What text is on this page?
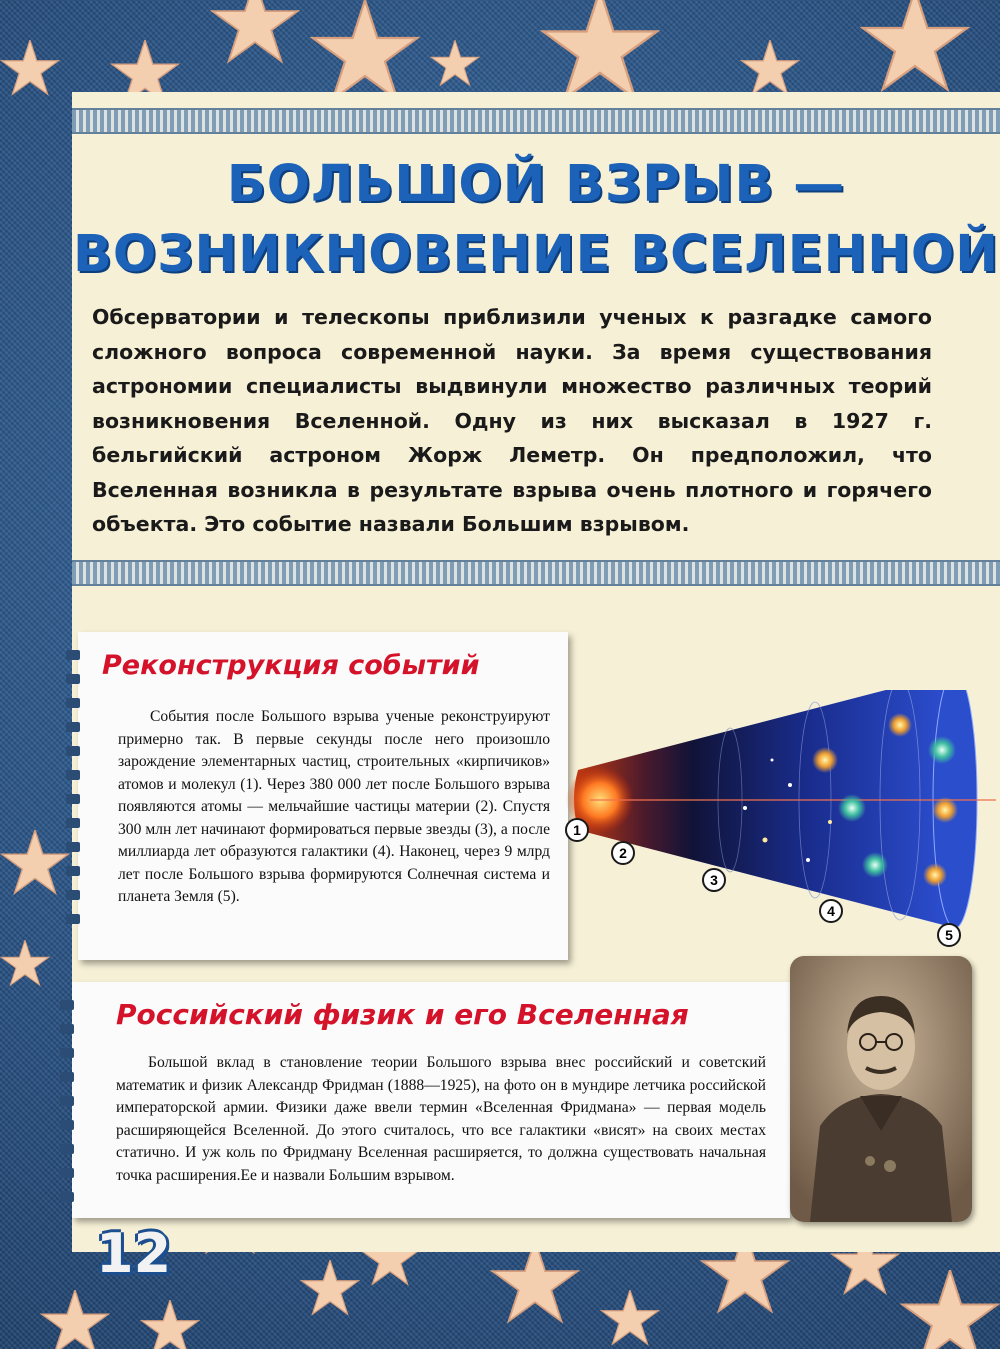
БОЛЬШОЙ ВЗРЫВ —
ВОЗНИКНОВЕНИЕ ВСЕЛЕННОЙ

Обсерватории и телескопы приблизили ученых к разгадке самого сложного вопроса современной науки. За время существования астрономии специалисты выдвинули множество различных теорий возникновения Вселенной. Одну из них высказал в 1927 г. бельгийский астроном Жорж Леметр. Он предположил, что Вселенная возникла в результате взрыва очень плотного и горячего объекта. Это событие назвали Большим взрывом.

Реконструкция событий

События после Большого взрыва ученые реконструируют примерно так. В первые секунды после него произошло зарождение элементарных частиц, строительных «кирпичиков» атомов и молекул (1). Через 380 000 лет после Большого взрыва появляются атомы — мельчайшие частицы материи (2). Спустя 300 млн лет начинают формироваться первые звезды (3), а после миллиарда лет образуются галактики (4). Наконец, через 9 млрд лет после Большого взрыва формируются Солнечная система и планета Земля (5).

1
2
3
4
5
Российский физик и его Вселенная

Большой вклад в становление теории Большого взрыва внес российский и советский математик и физик Александр Фридман (1888—1925), на фото он в мундире летчика российской императорской армии. Физики даже ввели термин «Вселенная Фридмана» — первая модель расширяющейся Вселенной. До этого считалось, что все галактики «висят» на своих местах статично. И уж коль по Фридману Вселенная расширяется, то должна существовать начальная точка расширения.Ее и назвали Большим взрывом.

12
